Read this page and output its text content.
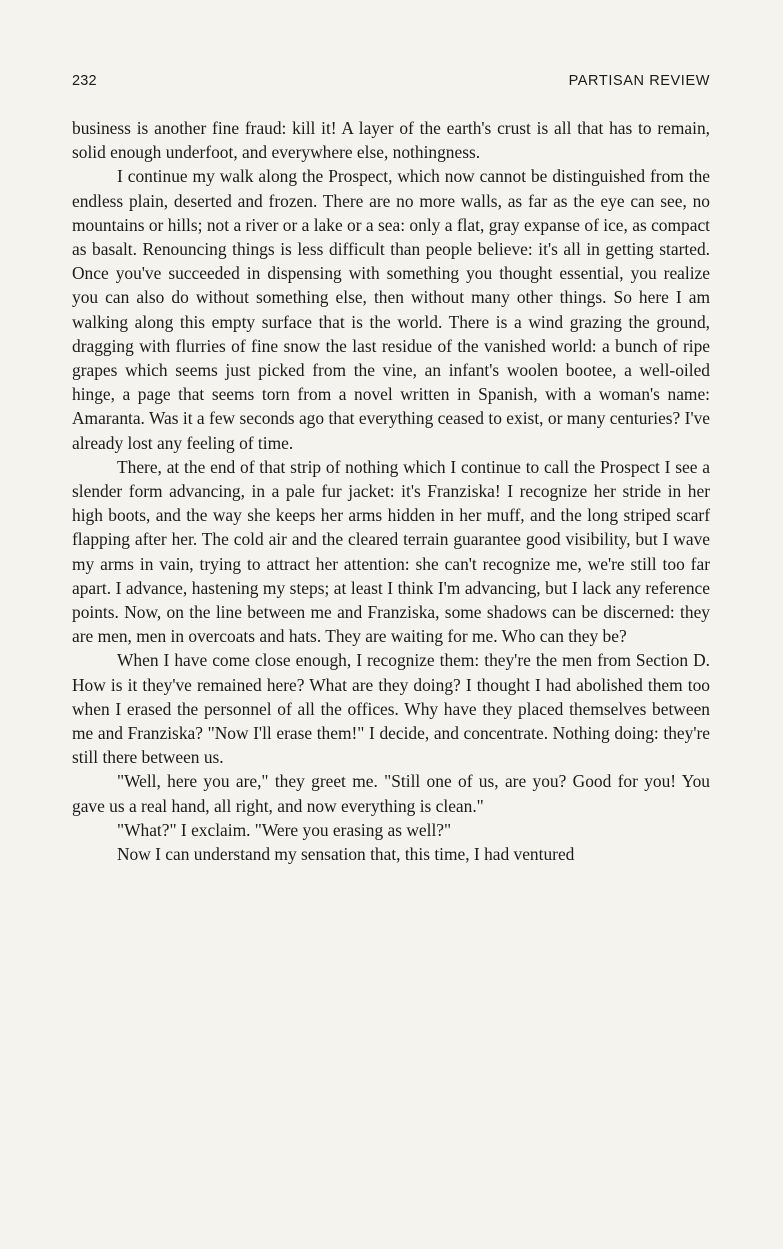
232	PARTISAN REVIEW

business is another fine fraud: kill it! A layer of the earth's crust is all that has to remain, solid enough underfoot, and everywhere else, nothingness.

I continue my walk along the Prospect, which now cannot be distinguished from the endless plain, deserted and frozen. There are no more walls, as far as the eye can see, no mountains or hills; not a river or a lake or a sea: only a flat, gray expanse of ice, as compact as basalt. Renouncing things is less difficult than people believe: it's all in getting started. Once you've succeeded in dispensing with something you thought essential, you realize you can also do without something else, then without many other things. So here I am walking along this empty surface that is the world. There is a wind grazing the ground, dragging with flurries of fine snow the last residue of the vanished world: a bunch of ripe grapes which seems just picked from the vine, an infant's woolen bootee, a well-oiled hinge, a page that seems torn from a novel written in Spanish, with a woman's name: Amaranta. Was it a few seconds ago that everything ceased to exist, or many centuries? I've already lost any feeling of time.

There, at the end of that strip of nothing which I continue to call the Prospect I see a slender form advancing, in a pale fur jacket: it's Franziska! I recognize her stride in her high boots, and the way she keeps her arms hidden in her muff, and the long striped scarf flapping after her. The cold air and the cleared terrain guarantee good visibility, but I wave my arms in vain, trying to attract her attention: she can't recognize me, we're still too far apart. I advance, hastening my steps; at least I think I'm advancing, but I lack any reference points. Now, on the line between me and Franziska, some shadows can be discerned: they are men, men in overcoats and hats. They are waiting for me. Who can they be?

When I have come close enough, I recognize them: they're the men from Section D. How is it they've remained here? What are they doing? I thought I had abolished them too when I erased the personnel of all the offices. Why have they placed themselves between me and Franziska? "Now I'll erase them!" I decide, and concentrate. Nothing doing: they're still there between us.

"Well, here you are," they greet me. "Still one of us, are you? Good for you! You gave us a real hand, all right, and now everything is clean."

"What?" I exclaim. "Were you erasing as well?"

Now I can understand my sensation that, this time, I had ventured
